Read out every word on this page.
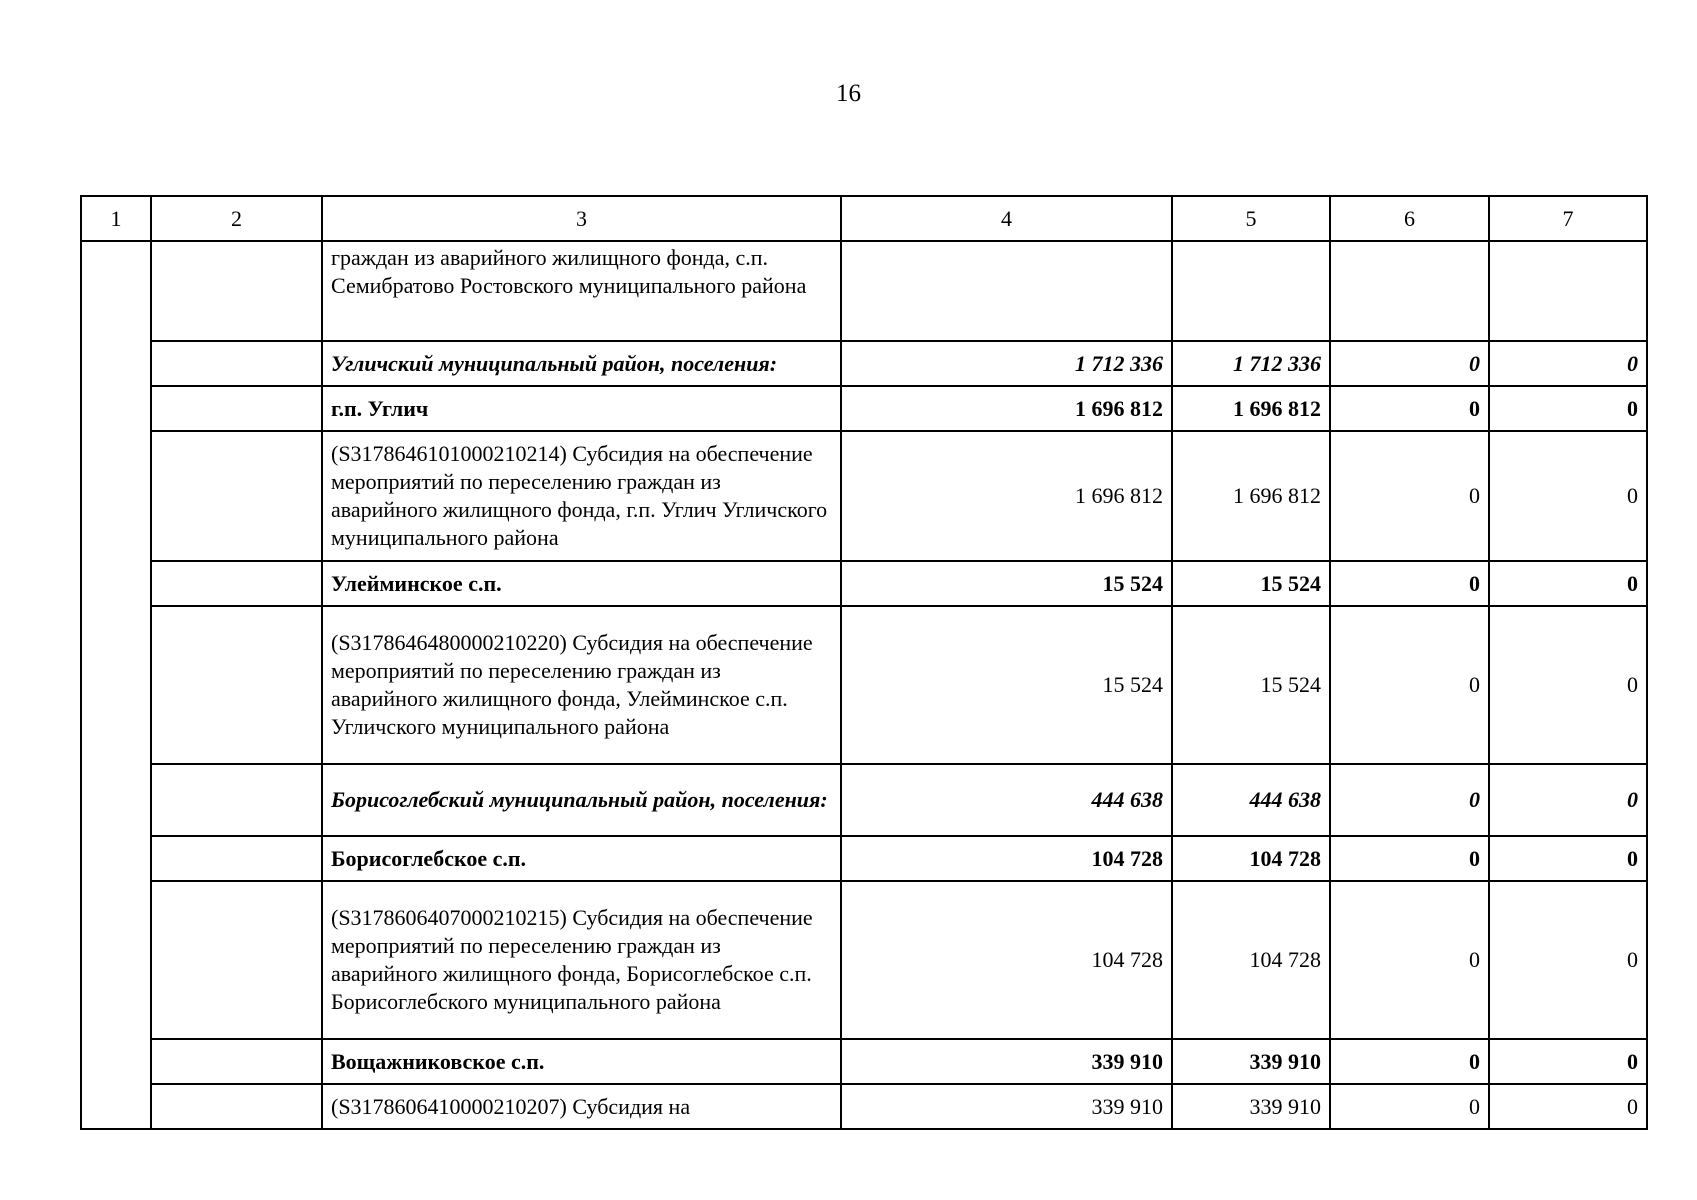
16
1	2	3	4	5	6	7
		граждан из аварийного жилищного фонда, с.п. Семибратово Ростовского муниципального района				
		Угличский муниципальный район, поселения:	1 712 336	1 712 336	0	0
		г.п. Углич	1 696 812	1 696 812	0	0
		(S3178646101000210214) Субсидия на обеспечение мероприятий по переселению граждан из аварийного жилищного фонда, г.п. Углич Угличского муниципального района	1 696 812	1 696 812	0	0
		Улейминское с.п.	15 524	15 524	0	0
		(S3178646480000210220) Субсидия на обеспечение мероприятий по переселению граждан из аварийного жилищного фонда, Улейминское с.п. Угличского муниципального района	15 524	15 524	0	0
		Борисоглебский муниципальный район, поселения:	444 638	444 638	0	0
		Борисоглебское с.п.	104 728	104 728	0	0
		(S3178606407000210215) Субсидия на обеспечение мероприятий по переселению граждан из аварийного жилищного фонда, Борисоглебское с.п. Борисоглебского муниципального района	104 728	104 728	0	0
		Вощажниковское с.п.	339 910	339 910	0	0
		(S3178606410000210207) Субсидия на	339 910	339 910	0	0
